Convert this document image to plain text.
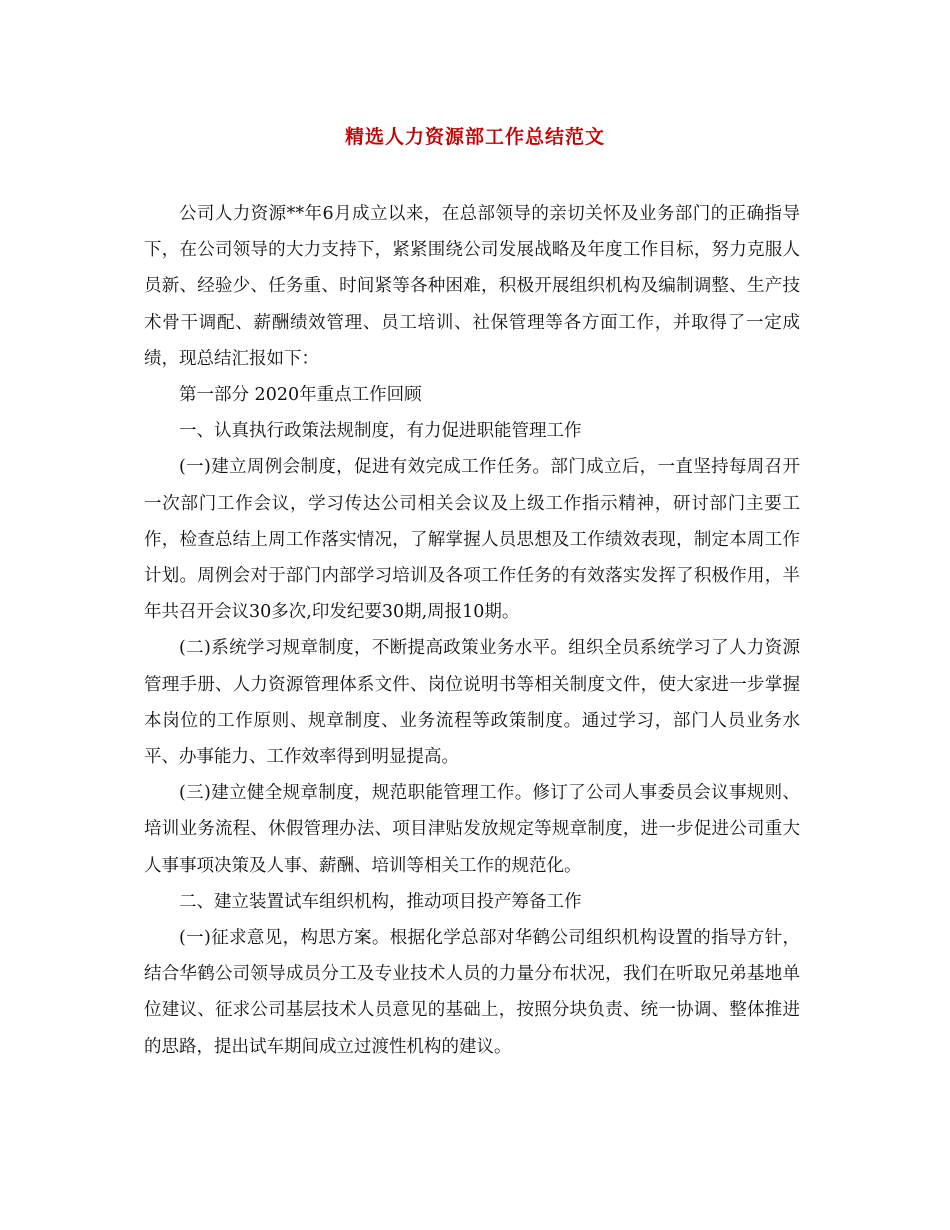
精选人力资源部工作总结范文

公司人力资源**年6月成立以来，在总部领导的亲切关怀及业务部门的正确指导下，在公司领导的大力支持下，紧紧围绕公司发展战略及年度工作目标，努力克服人员新、经验少、任务重、时间紧等各种困难，积极开展组织机构及编制调整、生产技术骨干调配、薪酬绩效管理、员工培训、社保管理等各方面工作，并取得了一定成绩，现总结汇报如下：

第一部分 2020年重点工作回顾

一、认真执行政策法规制度，有力促进职能管理工作

(一)建立周例会制度，促进有效完成工作任务。部门成立后，一直坚持每周召开一次部门工作会议，学习传达公司相关会议及上级工作指示精神，研讨部门主要工作，检查总结上周工作落实情况，了解掌握人员思想及工作绩效表现，制定本周工作计划。周例会对于部门内部学习培训及各项工作任务的有效落实发挥了积极作用，半年共召开会议30多次,印发纪要30期,周报10期。

(二)系统学习规章制度，不断提高政策业务水平。组织全员系统学习了人力资源管理手册、人力资源管理体系文件、岗位说明书等相关制度文件，使大家进一步掌握本岗位的工作原则、规章制度、业务流程等政策制度。通过学习，部门人员业务水平、办事能力、工作效率得到明显提高。

(三)建立健全规章制度，规范职能管理工作。修订了公司人事委员会议事规则、培训业务流程、休假管理办法、项目津贴发放规定等规章制度，进一步促进公司重大人事事项决策及人事、薪酬、培训等相关工作的规范化。

二、建立装置试车组织机构，推动项目投产筹备工作

(一)征求意见，构思方案。根据化学总部对华鹤公司组织机构设置的指导方针，结合华鹤公司领导成员分工及专业技术人员的力量分布状况，我们在听取兄弟基地单位建议、征求公司基层技术人员意见的基础上，按照分块负责、统一协调、整体推进的思路，提出试车期间成立过渡性机构的建议。
